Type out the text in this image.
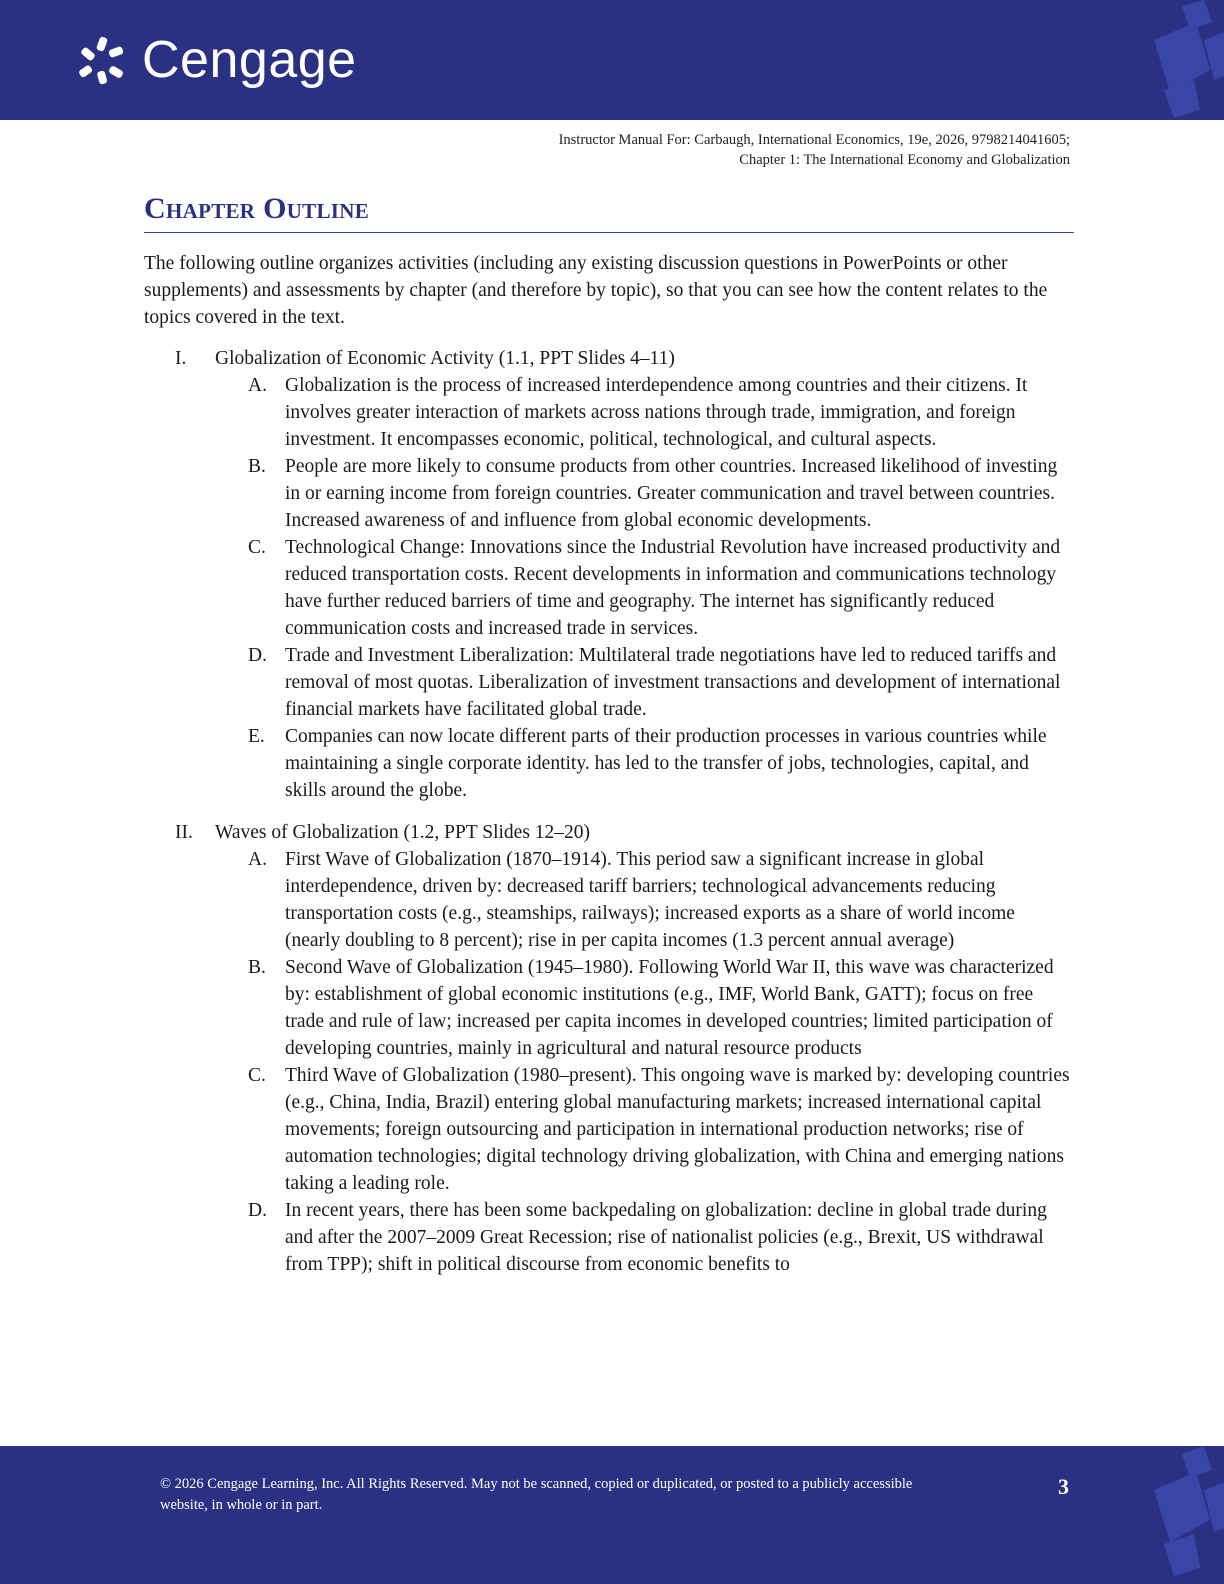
Cengage
Instructor Manual For: Carbaugh, International Economics, 19e, 2026, 9798214041605;
Chapter 1: The International Economy and Globalization
Chapter Outline

The following outline organizes activities (including any existing discussion questions in PowerPoints or other supplements) and assessments by chapter (and therefore by topic), so that you can see how the content relates to the topics covered in the text.

I.	Globalization of Economic Activity (1.1, PPT Slides 4–11)
A. Globalization is the process of increased interdependence among countries and their citizens. It involves greater interaction of markets across nations through trade, immigration, and foreign investment. It encompasses economic, political, technological, and cultural aspects.
B. People are more likely to consume products from other countries. Increased likelihood of investing in or earning income from foreign countries. Greater communication and travel between countries. Increased awareness of and influence from global economic developments.
C. Technological Change: Innovations since the Industrial Revolution have increased productivity and reduced transportation costs. Recent developments in information and communications technology have further reduced barriers of time and geography. The internet has significantly reduced communication costs and increased trade in services.
D. Trade and Investment Liberalization: Multilateral trade negotiations have led to reduced tariffs and removal of most quotas. Liberalization of investment transactions and development of international financial markets have facilitated global trade.
E.	Companies can now locate different parts of their production processes in various countries while maintaining a single corporate identity. has led to the transfer of jobs, technologies, capital, and skills around the globe.
II.	Waves of Globalization (1.2, PPT Slides 12–20)
A. First Wave of Globalization (1870–1914). This period saw a significant increase in global interdependence, driven by: decreased tariff barriers; technological advancements reducing transportation costs (e.g., steamships, railways); increased exports as a share of world income (nearly doubling to 8 percent); rise in per capita incomes (1.3 percent annual average)
B. Second Wave of Globalization (1945–1980). Following World War II, this wave was characterized by: establishment of global economic institutions (e.g., IMF, World Bank, GATT); focus on free trade and rule of law; increased per capita incomes in developed countries; limited participation of developing countries, mainly in agricultural and natural resource products
C. Third Wave of Globalization (1980–present). This ongoing wave is marked by: developing countries (e.g., China, India, Brazil) entering global manufacturing markets; increased international capital movements; foreign outsourcing and participation in international production networks; rise of automation technologies; digital technology driving globalization, with China and emerging nations taking a leading role.
D. In recent years, there has been some backpedaling on globalization: decline in global trade during and after the 2007–2009 Great Recession; rise of nationalist policies (e.g., Brexit, US withdrawal from TPP); shift in political discourse from economic benefits to
© 2026 Cengage Learning, Inc. All Rights Reserved. May not be scanned, copied or duplicated, or posted to a publicly accessible website, in whole or in part.
3
